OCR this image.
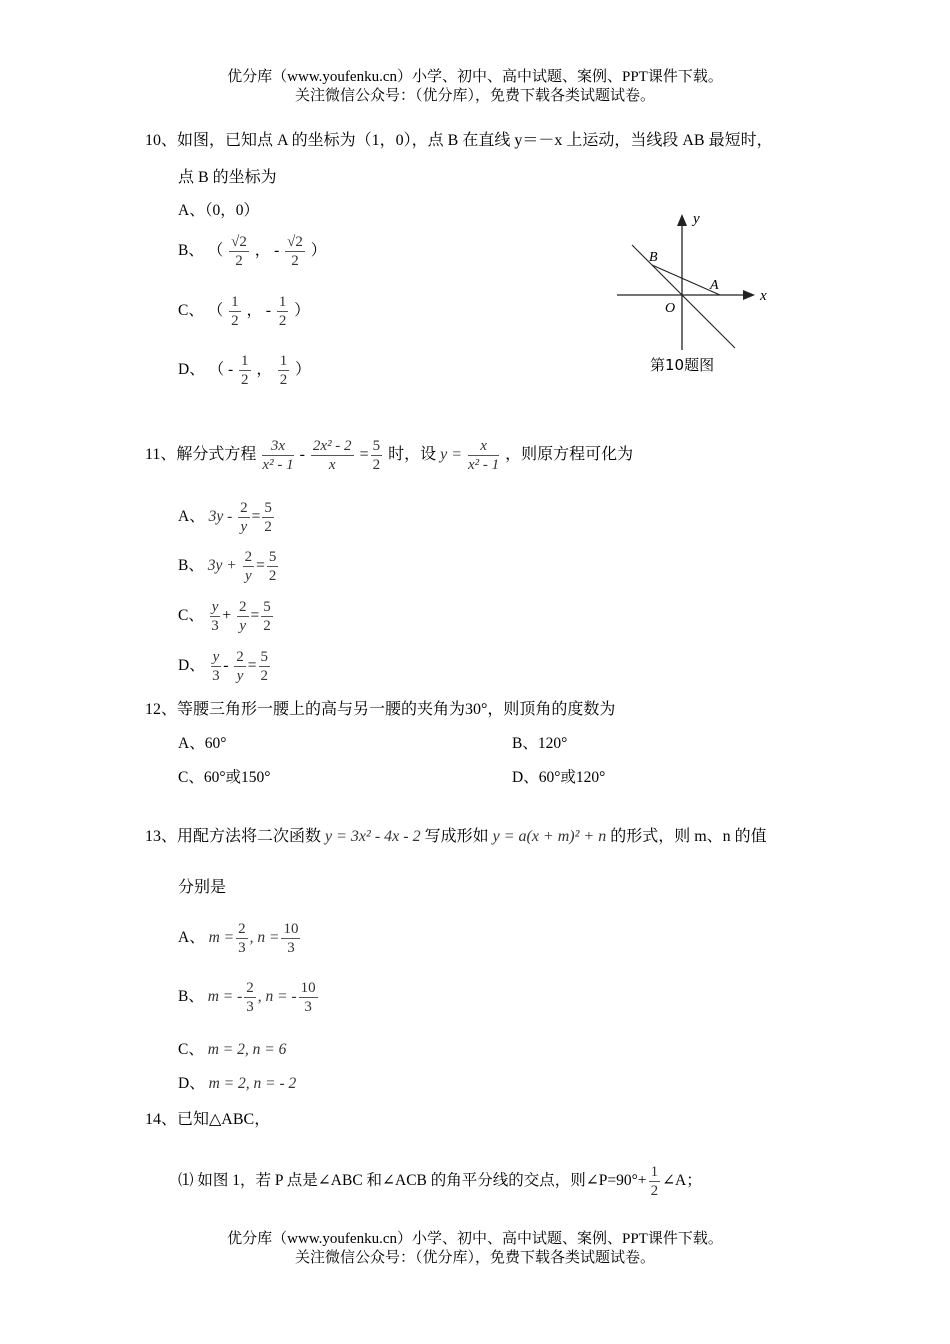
优分库（www.youfenku.cn）小学、初中、高中试题、案例、PPT课件下载。
关注微信公众号：（优分库），免费下载各类试题试卷。
10、如图，已知点 A 的坐标为（1，0），点 B 在直线 y＝－x 上运动，当线段 AB 最短时，
点 B 的坐标为
A、（0，0）
B、 （ $\frac{√2}{2}$ ， - $\frac{√2}{2}$ ）
C、 （ $\frac{1}{2}$ ， - $\frac{1}{2}$ ）
D、 （ - $\frac{1}{2}$ ， $\frac{1}{2}$ ）
y
x
B
A
O
第10题图
11、解分式方程 $\frac{3x}{\text{x² - 1}} - \frac{\text{2x² - 2}}{x} = \frac{5}{2}$ 时，设 $y = \frac{x}{\text{x² - 1}}$ ，则原方程可化为
A、 $3y - \frac{2}{y} = \frac{5}{2}$
B、 $3y + \frac{2}{y} = \frac{5}{2}$
C、 $\frac{y}{3} + \frac{2}{y} = \frac{5}{2}$
D、 $\frac{y}{3} - \frac{2}{y} = \frac{5}{2}$
12、等腰三角形一腰上的高与另一腰的夹角为30°，则顶角的度数为
A、60°	B、120°
C、60°或150°	D、60°或120°
13、用配方法将二次函数 y = 3x² - 4x - 2 写成形如 y = a(x + m)² + n 的形式，则 m、n 的值
分别是
A、 $m = \frac{2}{3}$ , $n = \frac{10}{3}$
B、 m = - $\frac{2}{3}$ , n = - $\frac{10}{3}$
C、 m = 2, n = 6
D、 m = 2, n = - 2
14、已知△ABC，
⑴ 如图 1，若 P 点是∠ABC 和∠ACB 的角平分线的交点，则∠P=90°+ $\frac{1}{2}$ ∠A；
优分库（www.youfenku.cn）小学、初中、高中试题、案例、PPT课件下载。
关注微信公众号：（优分库），免费下载各类试题试卷。
